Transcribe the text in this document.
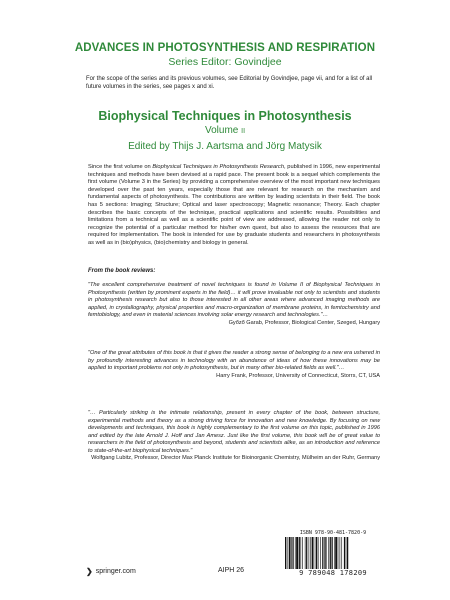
ADVANCES IN PHOTOSYNTHESIS AND RESPIRATION
Series Editor: Govindjee
For the scope of the series and its previous volumes, see Editorial by Govindjee, page vii, and for a list of all future volumes in the series, see pages x and xi.
Biophysical Techniques in Photosynthesis
Volume II
Edited by Thijs J. Aartsma and Jörg Matysik
Since the first volume on Biophysical Techniques in Photosynthesis Research, published in 1996, new experimental techniques and methods have been devised at a rapid pace. The present book is a sequel which complements the first volume (Volume 3 in the Series) by providing a comprehensive overview of the most important new techniques developed over the past ten years, especially those that are relevant for research on the mechanism and fundamental aspects of photosynthesis. The contributions are written by leading scientists in their field. The book has 5 sections: Imaging; Structure; Optical and laser spectroscopy; Magnetic resonance; Theory. Each chapter describes the basic concepts of the technique, practical applications and scientific results. Possibilities and limitations from a technical as well as a scientific point of view are addressed, allowing the reader not only to recognize the potential of a particular method for his/her own quest, but also to assess the resources that are required for implementation. The book is intended for use by graduate students and researchers in photosynthesis as well as in (bio)physics, (bio)chemistry and biology in general.
From the book reviews:
"The excellent comprehensive treatment of novel techniques is found in Volume II of Biophysical Techniques in Photosynthesis (written by prominent experts in the field)… it will prove invaluable not only to scientists and students in photosynthesis research but also to those interested in all other areas where advanced imaging methods are applied, in crystallography, physical properties and macro-organization of membrane proteins, in femtochemistry and femtobiology, and even in material sciences involving solar energy research and technologies."…
Győző Garab, Professor, Biological Center, Szeged, Hungary
"One of the great attributes of this book is that it gives the reader a strong sense of belonging to a new era ushered in by profoundly interesting advances in technology with an abundance of ideas of how these innovations may be applied to important problems not only in photosynthesis, but in many other bio-related fields as well."…
Harry Frank, Professor, University of Connecticut, Storrs, CT, USA
"… Particularly striking is the intimate relationship, present in every chapter of the book, between structure, experimental methods and theory as a strong driving force for innovation and new knowledge. By focusing on new developments and techniques, this book is highly complementary to the first volume on this topic, published in 1996 and edited by the late Arnold J. Hoff and Jan Amesz. Just like the first volume, this book will be of great value to researchers in the field of photosynthesis and beyond, students and scientists alike, as an introduction and reference to state-of-the-art biophysical techniques."
Wolfgang Lubitz, Professor, Director Max Planck Institute for Bioinorganic Chemistry, Mülheim an der Ruhr, Germany
❯ springer.com	AIPH 26
ISBN 978-90-481-7820-9
9 789048 178209
